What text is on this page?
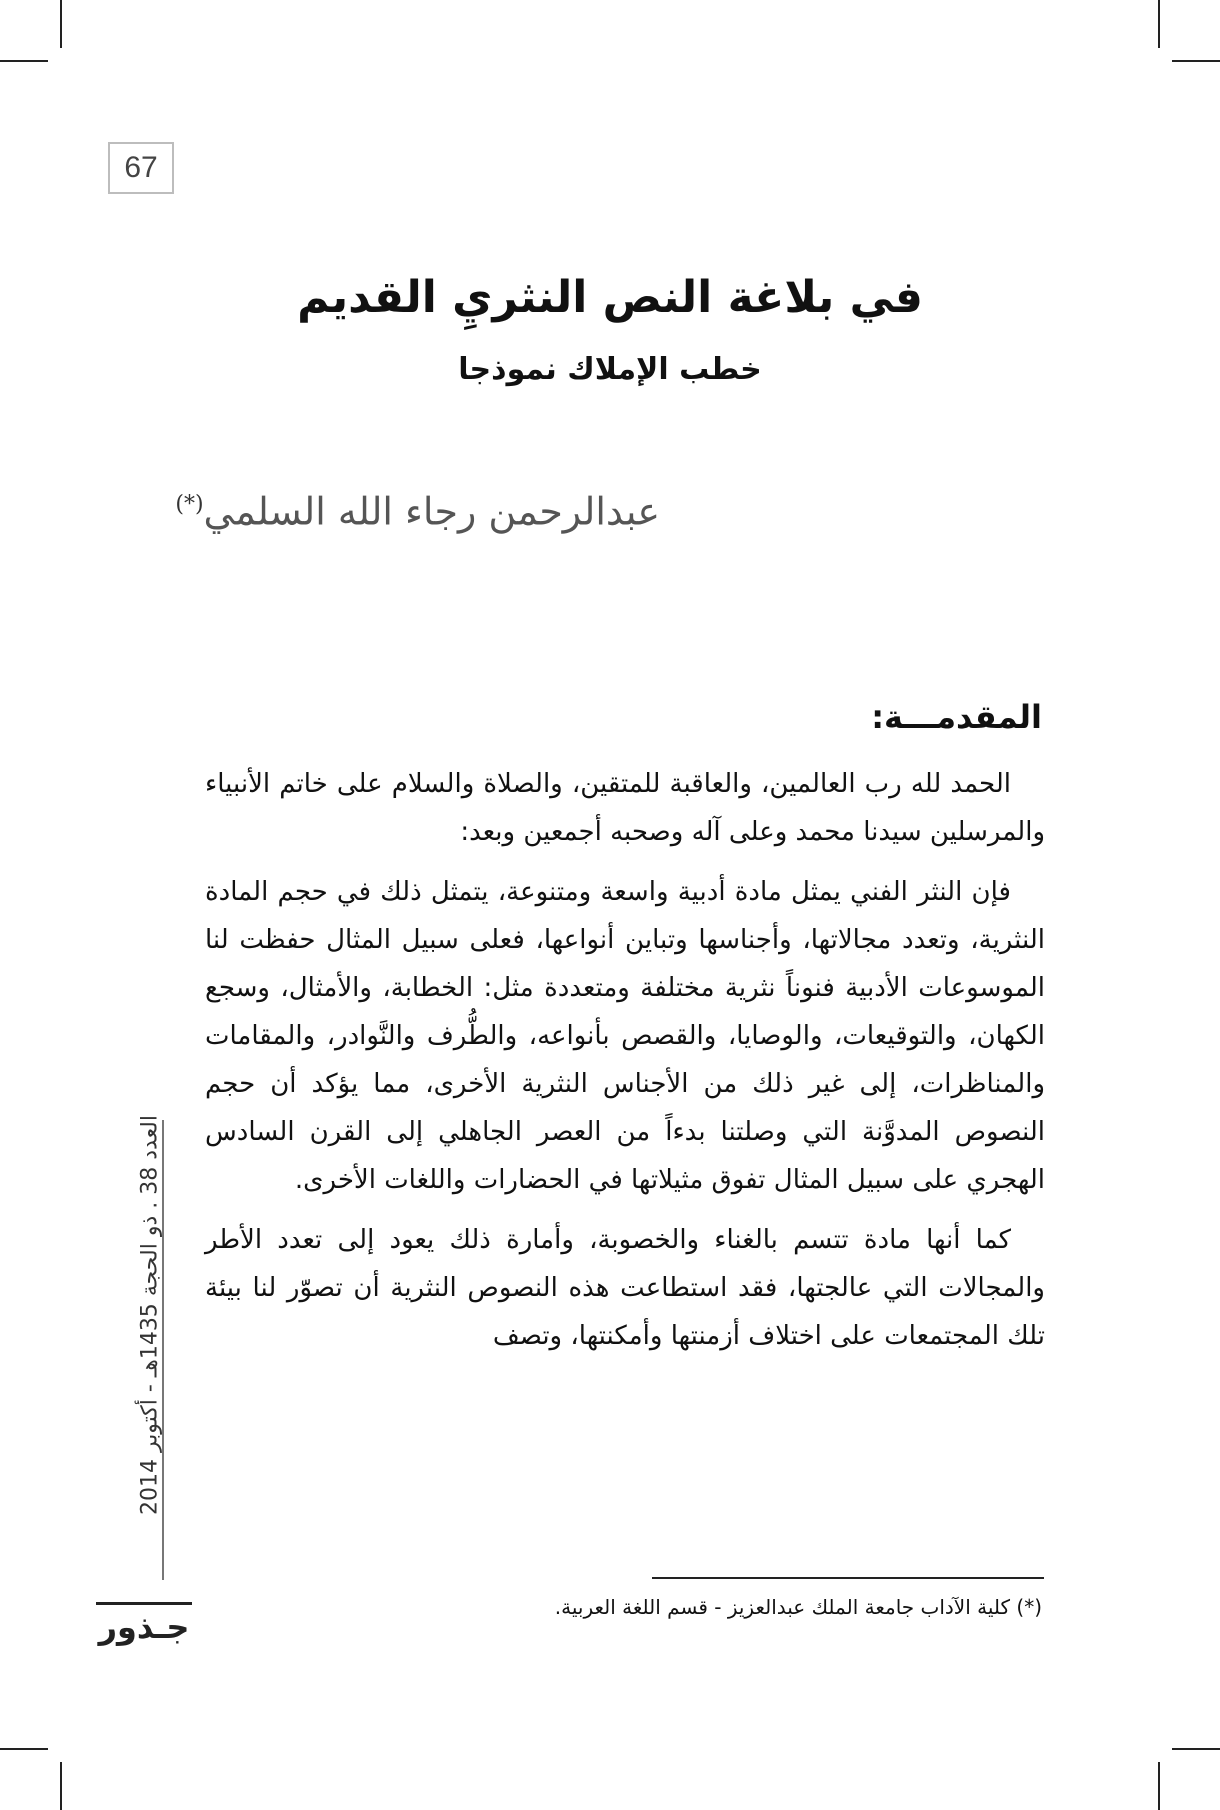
67
في بلاغة النص النثريِ القديم
خطب الإملاك نموذجا
عبدالرحمن رجاء الله السلمي(*)
المقدمـــة:

الحمد لله رب العالمين، والعاقبة للمتقين، والصلاة والسلام على خاتم الأنبياء والمرسلين سيدنا محمد وعلى آله وصحبه أجمعين وبعد:

فإن النثر الفني يمثل مادة أدبية واسعة ومتنوعة، يتمثل ذلك في حجم المادة النثرية، وتعدد مجالاتها، وأجناسها وتباين أنواعها، فعلى سبيل المثال حفظت لنا الموسوعات الأدبية فنوناً نثرية مختلفة ومتعددة مثل: الخطابة، والأمثال، وسجع الكهان، والتوقيعات، والوصايا، والقصص بأنواعه، والطُّرف والنَّوادر، والمقامات والمناظرات، إلى غير ذلك من الأجناس النثرية الأخرى، مما يؤكد أن حجم النصوص المدوَّنة التي وصلتنا بدءاً من العصر الجاهلي إلى القرن السادس الهجري على سبيل المثال تفوق مثيلاتها في الحضارات واللغات الأخرى.

كما أنها مادة تتسم بالغناء والخصوبة، وأمارة ذلك يعود إلى تعدد الأطر والمجالات التي عالجتها، فقد استطاعت هذه النصوص النثرية أن تصوّر لنا بيئة تلك المجتمعات على اختلاف أزمنتها وأمكنتها، وتصف

(*) كلية الآداب جامعة الملك عبدالعزيز - قسم اللغة العربية.
العدد 38 . ذو الحجة 1435هـ - أكتوبر 2014
جـذور
